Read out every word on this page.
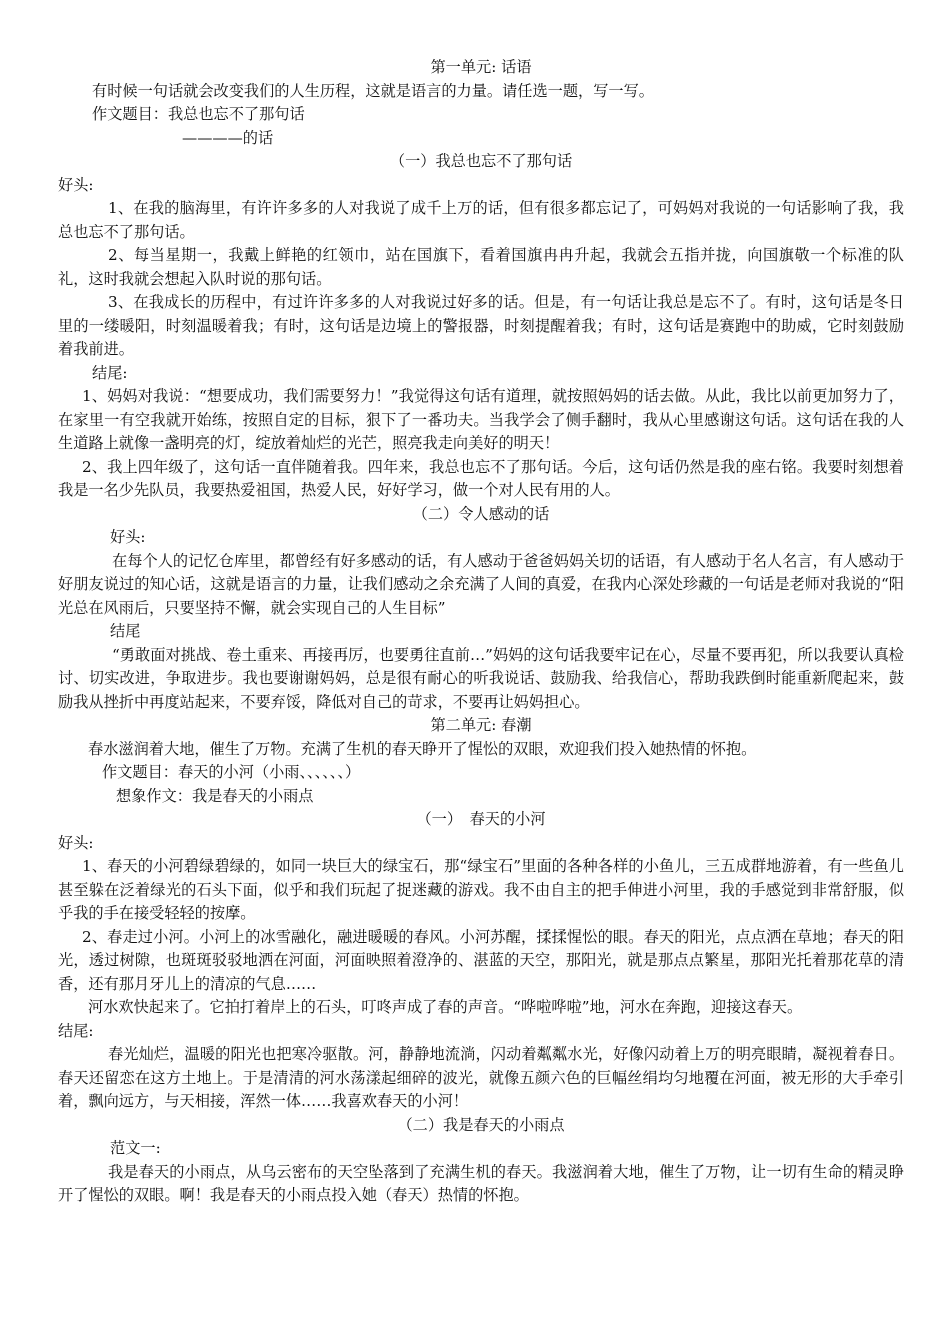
第一单元: 话语

有时候一句话就会改变我们的人生历程，这就是语言的力量。请任选一题，写一写。

作文题目：我总也忘不了那句话

————的话

（一）我总也忘不了那句话

好头:

1、在我的脑海里，有许许多多的人对我说了成千上万的话，但有很多都忘记了，可妈妈对我说的一句话影响了我，我总也忘不了那句话。

2、每当星期一，我戴上鲜艳的红领巾，站在国旗下，看着国旗冉冉升起，我就会五指并拢，向国旗敬一个标准的队礼，这时我就会想起入队时说的那句话。

3、在我成长的历程中，有过许许多多的人对我说过好多的话。但是，有一句话让我总是忘不了。有时，这句话是冬日里的一缕暖阳，时刻温暖着我；有时，这句话是边境上的警报器，时刻提醒着我；有时，这句话是赛跑中的助威，它时刻鼓励着我前进。

结尾:

1、妈妈对我说：“想要成功，我们需要努力！”我觉得这句话有道理，就按照妈妈的话去做。从此，我比以前更加努力了，在家里一有空我就开始练，按照自定的目标，狠下了一番功夫。当我学会了侧手翻时，我从心里感谢这句话。这句话在我的人生道路上就像一盏明亮的灯，绽放着灿烂的光芒，照亮我走向美好的明天！

2、我上四年级了，这句话一直伴随着我。四年来，我总也忘不了那句话。今后，这句话仍然是我的座右铭。我要时刻想着我是一名少先队员，我要热爱祖国，热爱人民，好好学习，做一个对人民有用的人。

（二）令人感动的话

好头:

在每个人的记忆仓库里，都曾经有好多感动的话，有人感动于爸爸妈妈关切的话语，有人感动于名人名言，有人感动于好朋友说过的知心话，这就是语言的力量，让我们感动之余充满了人间的真爱，在我内心深处珍藏的一句话是老师对我说的“阳光总在风雨后，只要坚持不懈，就会实现自己的人生目标”

结尾

“勇敢面对挑战、卷土重来、再接再厉，也要勇往直前…”妈妈的这句话我要牢记在心，尽量不要再犯，所以我要认真检讨、切实改进，争取进步。我也要谢谢妈妈，总是很有耐心的听我说话、鼓励我、给我信心，帮助我跌倒时能重新爬起来，鼓励我从挫折中再度站起来，不要弃馁，降低对自己的苛求，不要再让妈妈担心。

第二单元: 春潮

春水滋润着大地，催生了万物。充满了生机的春天睁开了惺忪的双眼，欢迎我们投入她热情的怀抱。

作文题目：春天的小河（小雨、、、、、、）

想象作文：我是春天的小雨点

（一）　春天的小河

好头:

1、春天的小河碧绿碧绿的，如同一块巨大的绿宝石，那“绿宝石”里面的各种各样的小鱼儿，三五成群地游着，有一些鱼儿甚至躲在泛着绿光的石头下面，似乎和我们玩起了捉迷藏的游戏。我不由自主的把手伸进小河里，我的手感觉到非常舒服，似乎我的手在接受轻轻的按摩。

2、春走过小河。小河上的冰雪融化，融进暖暖的春风。小河苏醒，揉揉惺忪的眼。春天的阳光，点点洒在草地；春天的阳光，透过树隙，也斑斑驳驳地洒在河面，河面映照着澄净的、湛蓝的天空，那阳光，就是那点点繁星，那阳光托着那花草的清香，还有那月牙儿上的清凉的气息……

河水欢快起来了。它拍打着岸上的石头，叮咚声成了春的声音。“哗啦哗啦”地，河水在奔跑，迎接这春天。

结尾:

春光灿烂，温暖的阳光也把寒冷驱散。河，静静地流淌，闪动着粼粼水光，好像闪动着上万的明亮眼睛，凝视着春日。春天还留恋在这方土地上。于是清清的河水荡漾起细碎的波光，就像五颜六色的巨幅丝绢均匀地覆在河面，被无形的大手牵引着，飘向远方，与天相接，浑然一体……我喜欢春天的小河！

（二）我是春天的小雨点

范文一:

我是春天的小雨点，从乌云密布的天空坠落到了充满生机的春天。我滋润着大地，催生了万物，让一切有生命的精灵睁开了惺忪的双眼。啊！我是春天的小雨点投入她（春天）热情的怀抱。
